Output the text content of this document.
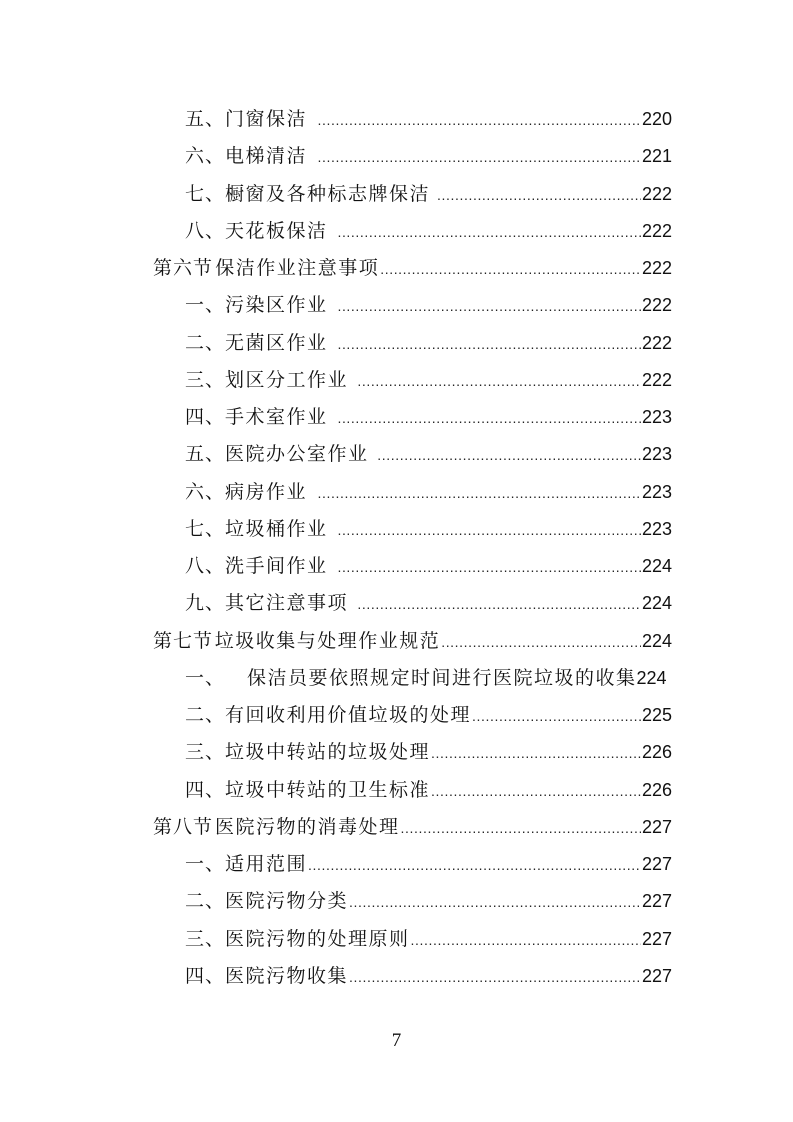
五、 门窗保洁 .....	220
六、 电梯清洁 .....	221
七、 橱窗及各种标志牌保洁 .....	222
八、 天花板保洁 .....	222
第六节 保洁作业注意事项 .....	222
一、 污染区作业 .....	222
二、 无菌区作业 .....	222
三、 划区分工作业 .....	222
四、 手术室作业 .....	223
五、 医院办公室作业 .....	223
六、 病房作业 .....	223
七、 垃圾桶作业 .....	223
八、 洗手间作业 .....	224
九、 其它注意事项 .....	224
第七节 垃圾收集与处理作业规范 .....	224
一、 保洁员要依照规定时间进行医院垃圾的收集 224
二、 有回收利用价值垃圾的处理 .....	225
三、 垃圾中转站的垃圾处理 .....	226
四、 垃圾中转站的卫生标准 .....	226
第八节 医院污物的消毒处理 .....	227
一、 适用范围 .....	227
二、 医院污物分类 .....	227
三、 医院污物的处理原则 .....	227
四、 医院污物收集 .....	227
7
